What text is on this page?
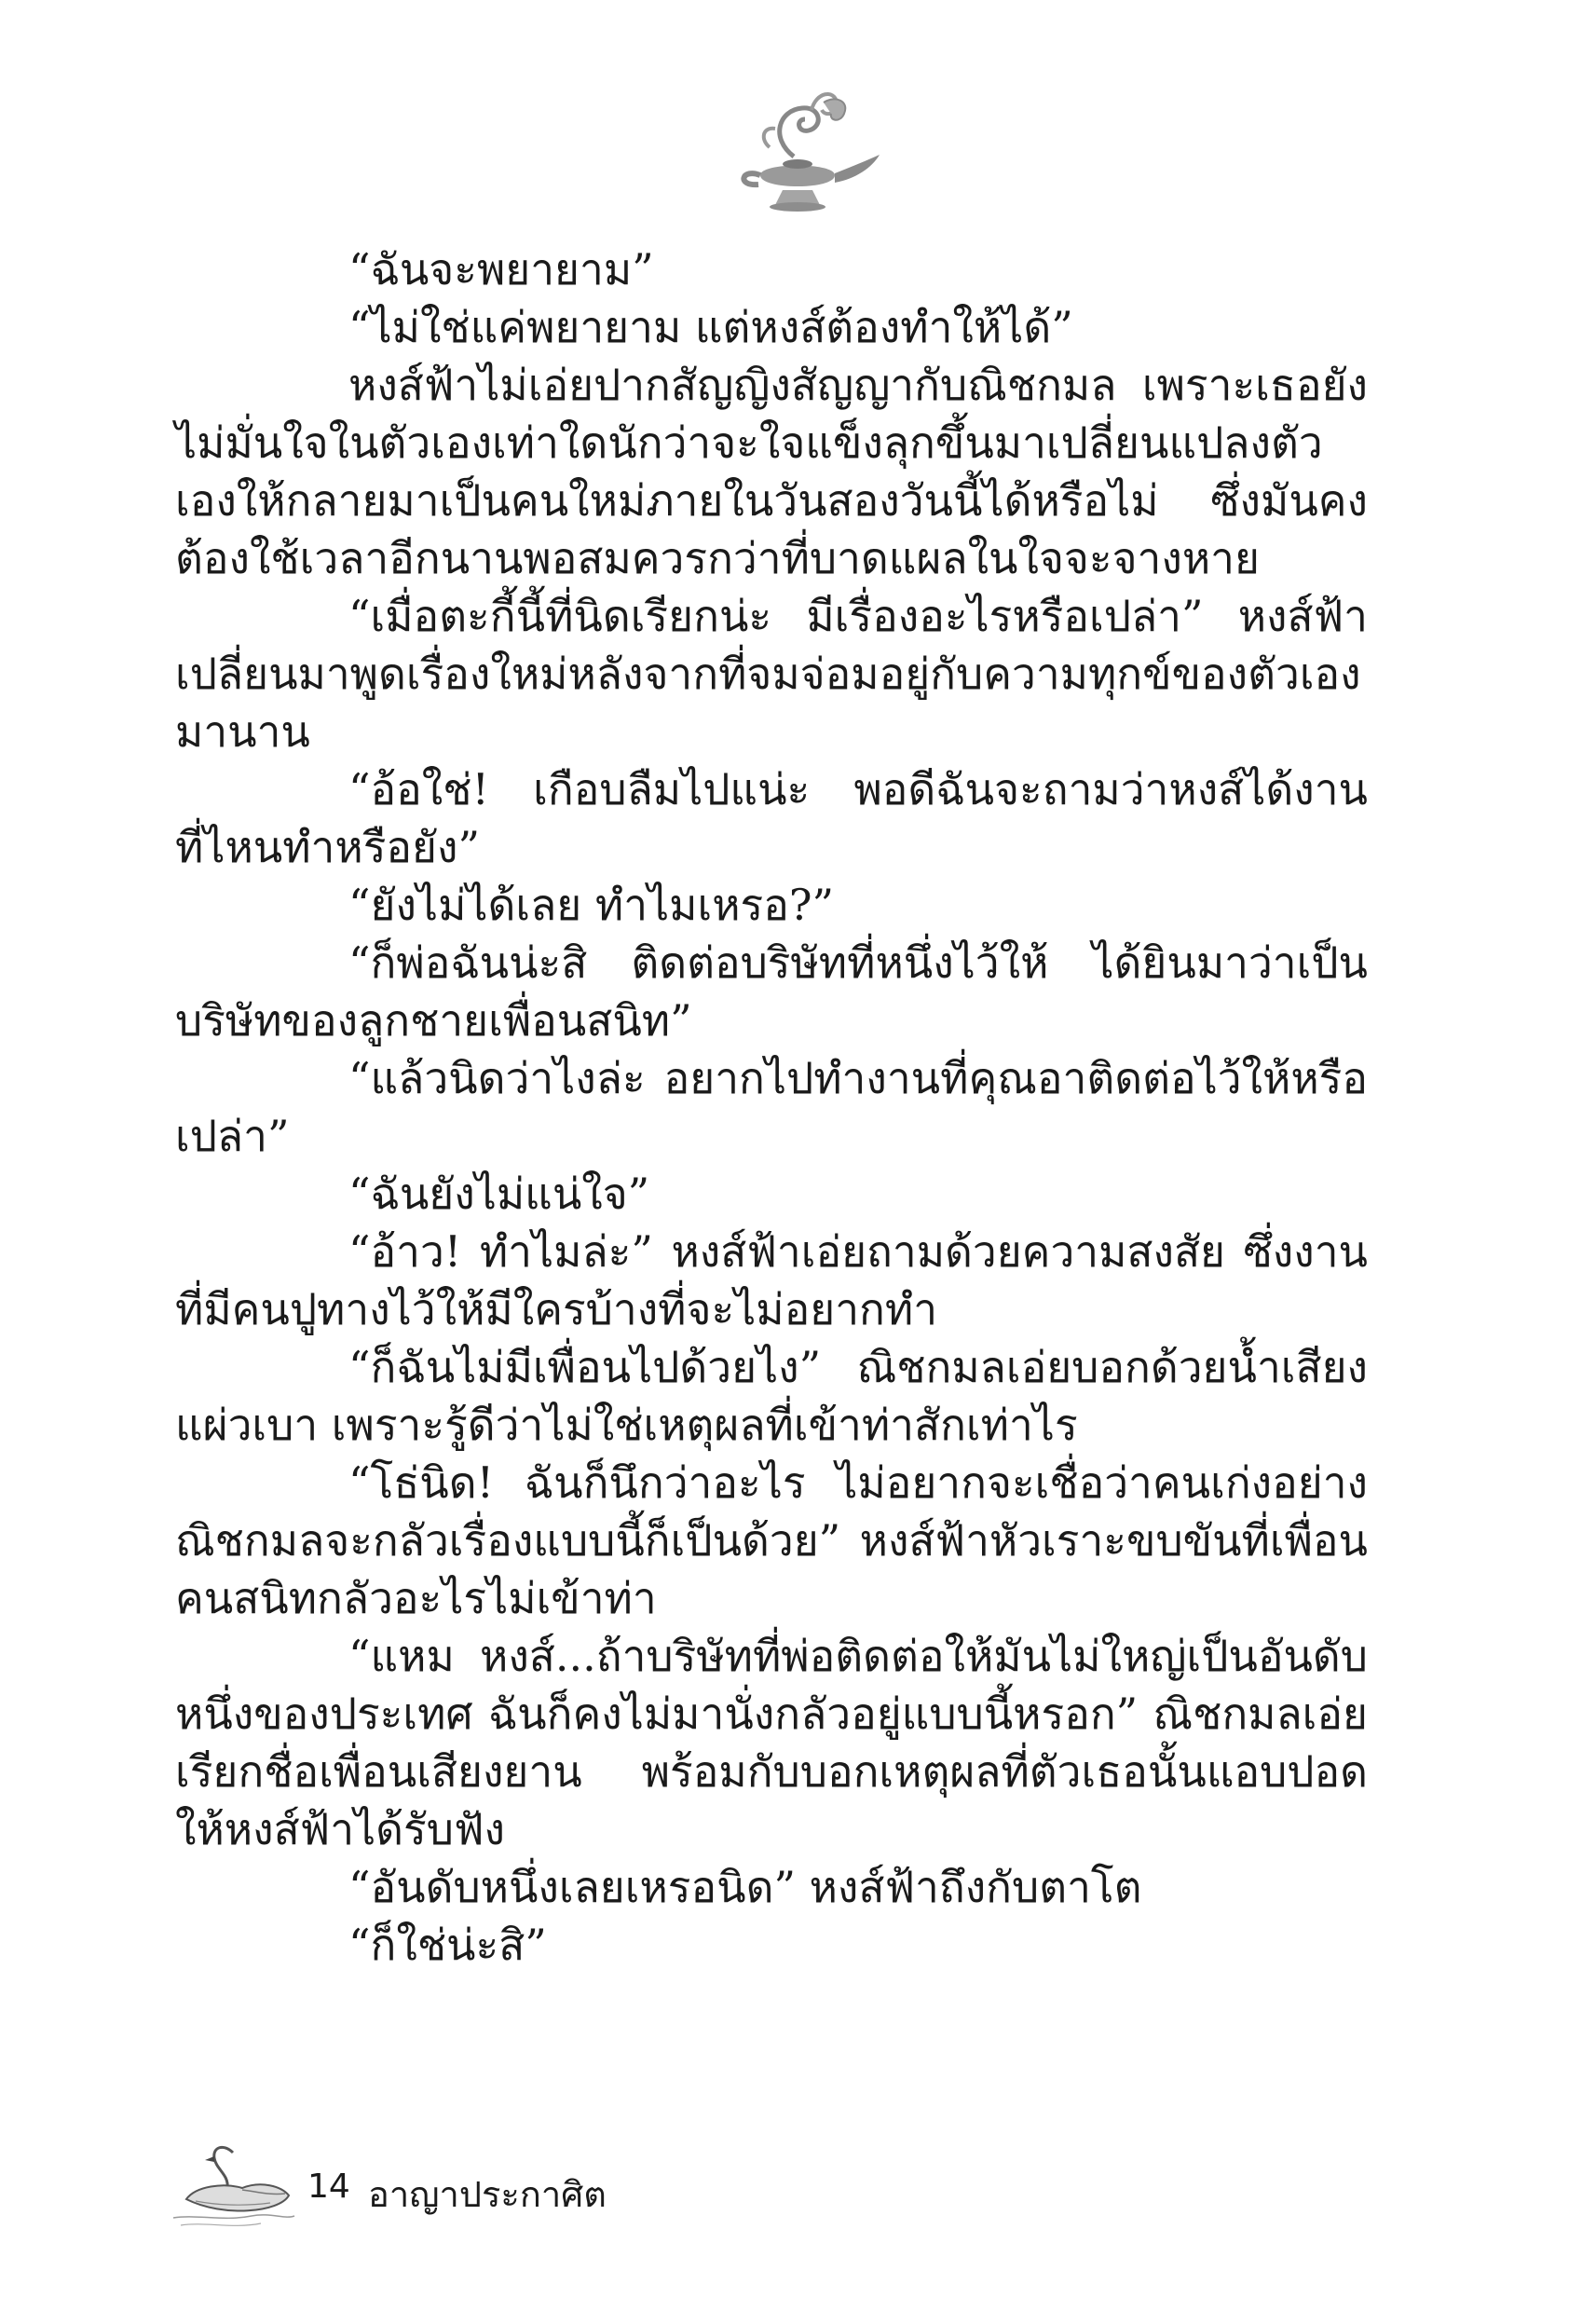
“ฉันจะพยายาม”

“ไม่ใช่แค่พยายาม แต่หงส์ต้องทำให้ได้”

หงส์ฟ้าไม่เอ่ยปากสัญญิงสัญญากับณิชกมล เพราะเธอยังไม่มั่นใจในตัวเองเท่าใดนักว่าจะใจแข็งลุกขึ้นมาเปลี่ยนแปลงตัวเองให้กลายมาเป็นคนใหม่ภายในวันสองวันนี้ได้หรือไม่ ซึ่งมันคงต้องใช้เวลาอีกนานพอสมควรกว่าที่บาดแผลในใจจะจางหาย

“เมื่อตะกี้นี้ที่นิดเรียกน่ะ มีเรื่องอะไรหรือเปล่า” หงส์ฟ้าเปลี่ยนมาพูดเรื่องใหม่หลังจากที่จมจ่อมอยู่กับความทุกข์ของตัวเองมานาน

“อ้อใช่! เกือบลืมไปแน่ะ พอดีฉันจะถามว่าหงส์ได้งานที่ไหนทำหรือยัง”

“ยังไม่ได้เลย ทำไมเหรอ?”

“ก็พ่อฉันน่ะสิ ติดต่อบริษัทที่หนึ่งไว้ให้ ได้ยินมาว่าเป็นบริษัทของลูกชายเพื่อนสนิท”

“แล้วนิดว่าไงล่ะ อยากไปทำงานที่คุณอาติดต่อไว้ให้หรือเปล่า”

“ฉันยังไม่แน่ใจ”

“อ้าว! ทำไมล่ะ” หงส์ฟ้าเอ่ยถามด้วยความสงสัย ซึ่งงานที่มีคนปูทางไว้ให้มีใครบ้างที่จะไม่อยากทำ

“ก็ฉันไม่มีเพื่อนไปด้วยไง” ณิชกมลเอ่ยบอกด้วยน้ำเสียงแผ่วเบา เพราะรู้ดีว่าไม่ใช่เหตุผลที่เข้าท่าสักเท่าไร

“โธ่นิด! ฉันก็นึกว่าอะไร ไม่อยากจะเชื่อว่าคนเก่งอย่างณิชกมลจะกลัวเรื่องแบบนี้ก็เป็นด้วย” หงส์ฟ้าหัวเราะขบขันที่เพื่อนคนสนิทกลัวอะไรไม่เข้าท่า

“แหม หงส์...ถ้าบริษัทที่พ่อติดต่อให้มันไม่ใหญ่เป็นอันดับหนึ่งของประเทศ ฉันก็คงไม่มานั่งกลัวอยู่แบบนี้หรอก” ณิชกมลเอ่ยเรียกชื่อเพื่อนเสียงยาน พร้อมกับบอกเหตุผลที่ตัวเธอนั้นแอบปอดให้หงส์ฟ้าได้รับฟัง

“อันดับหนึ่งเลยเหรอนิด” หงส์ฟ้าถึงกับตาโต

“ก็ใช่น่ะสิ”

14 อาญาประกาศิต
